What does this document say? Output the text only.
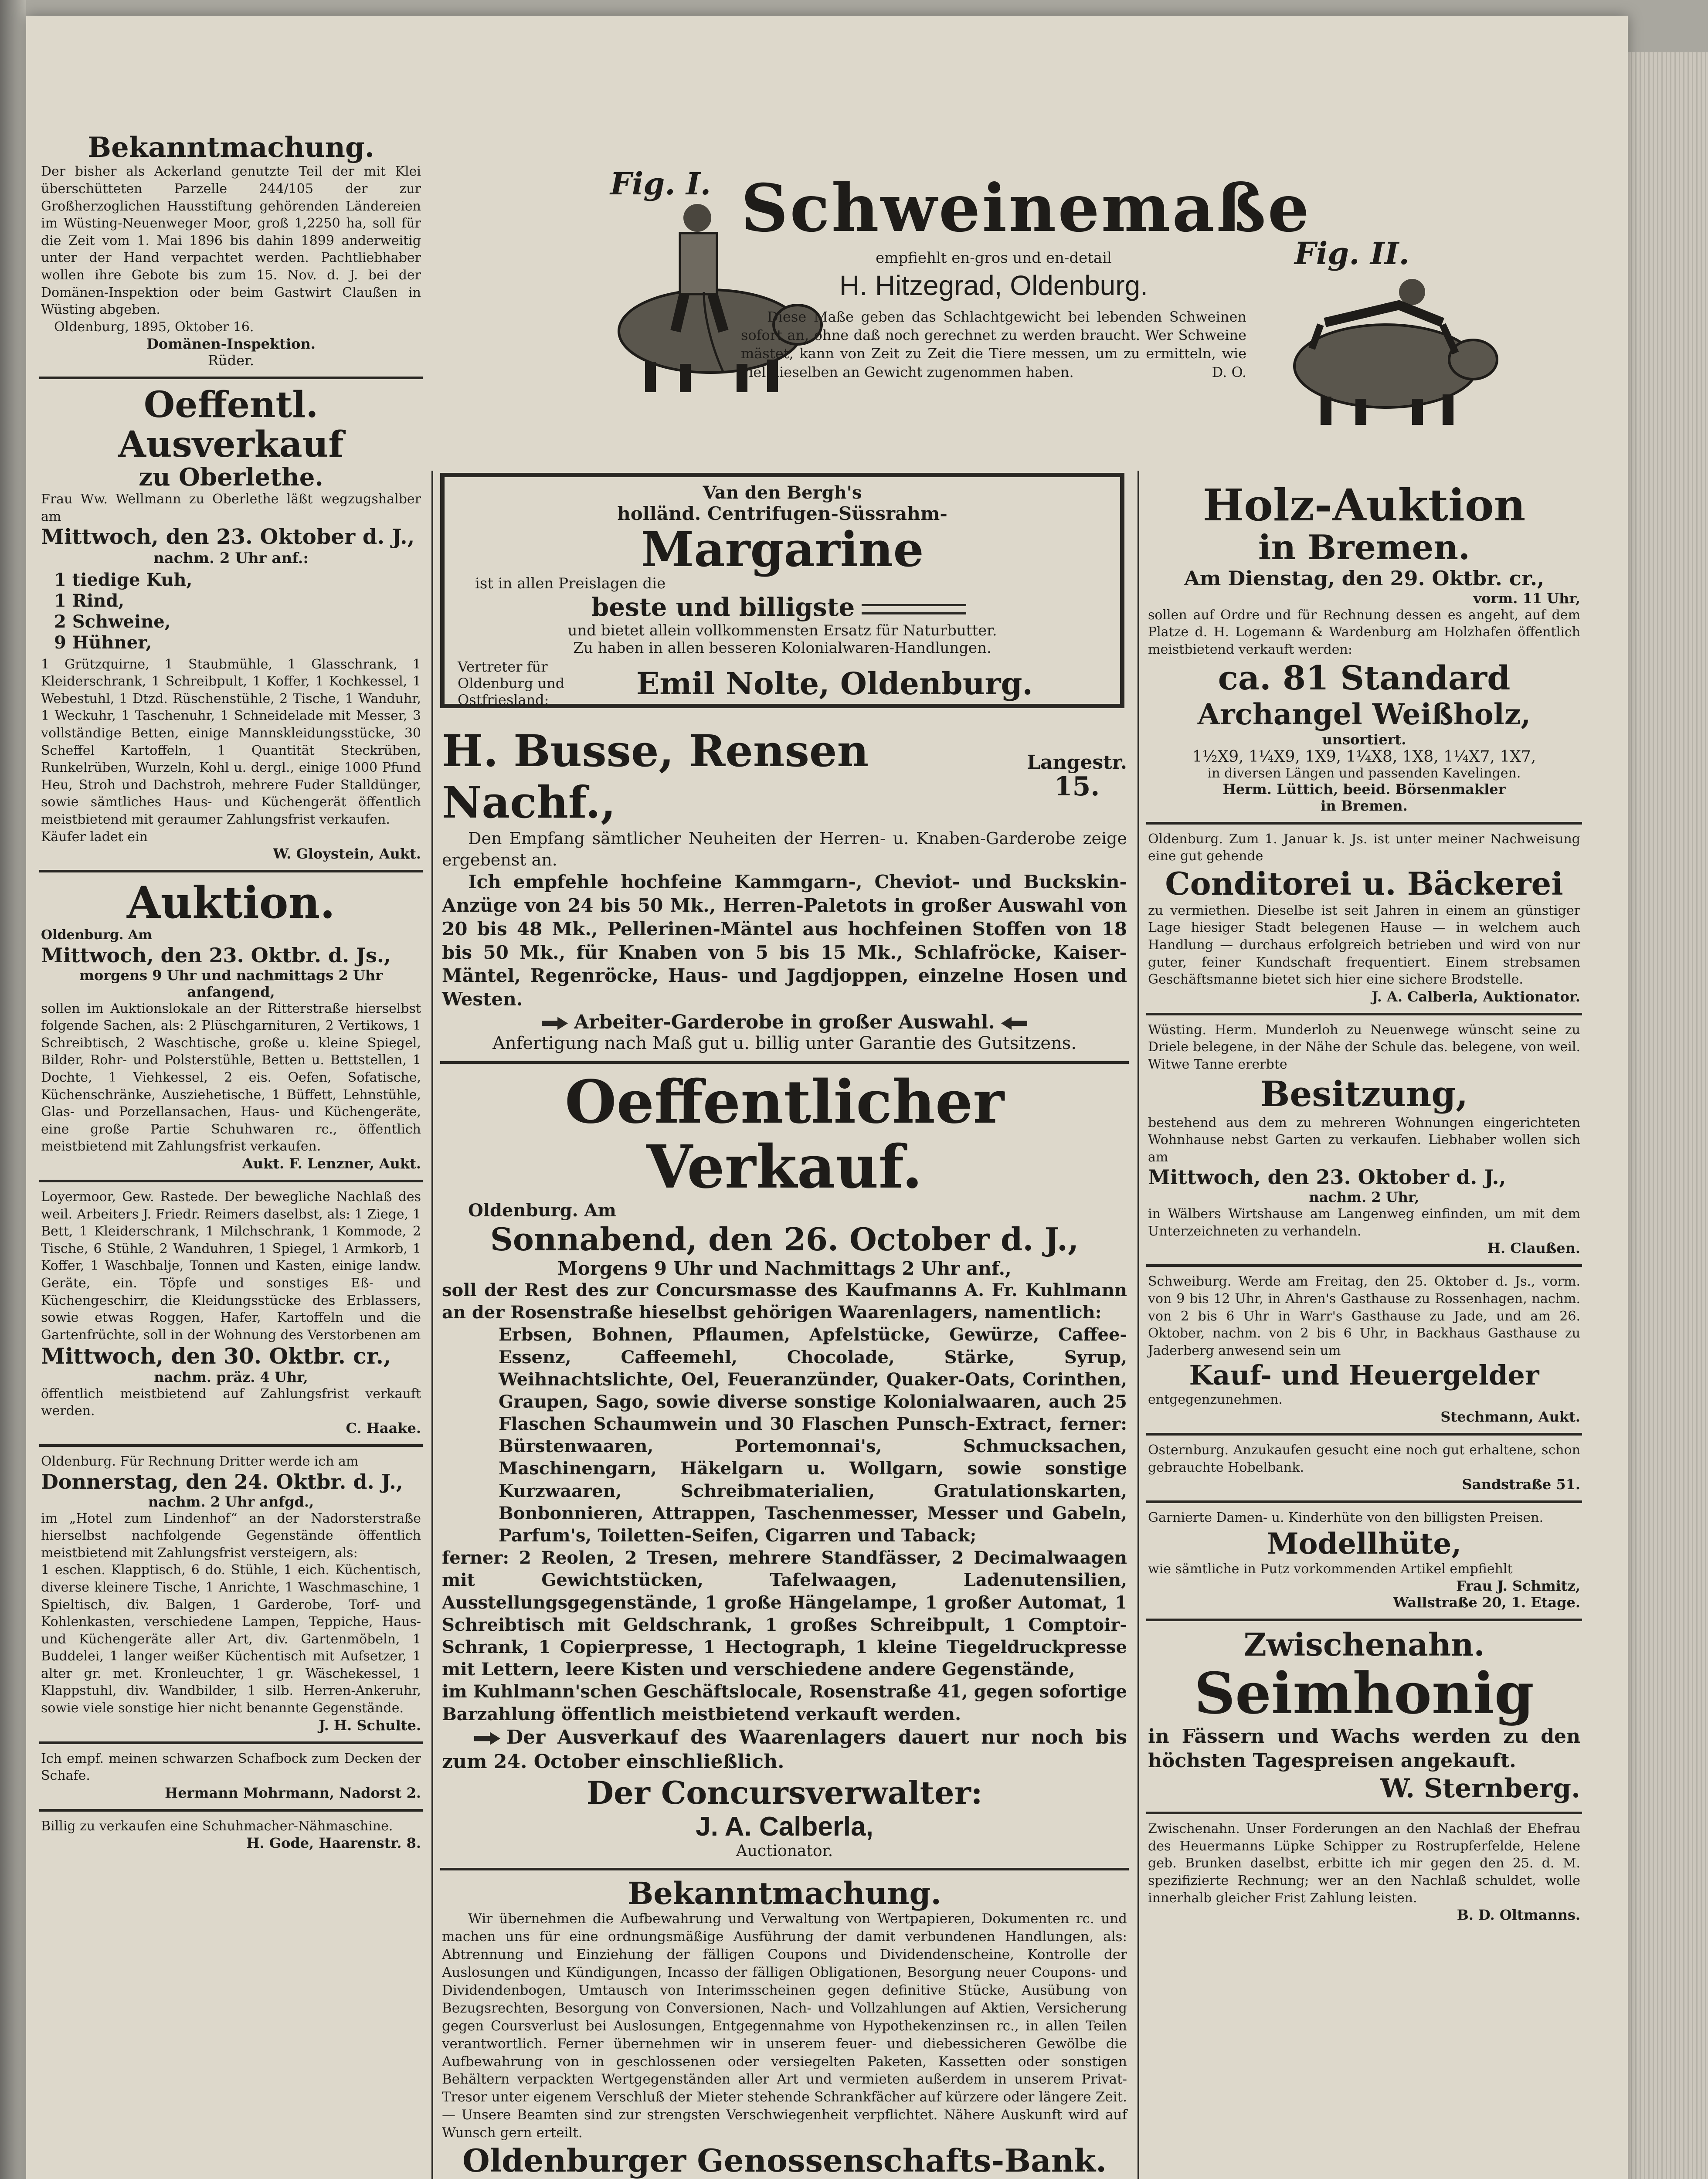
Fig. I.
Fig. II.
Schweinemaße
empfiehlt en-gros und en-detail
H. Hitzegrad, Oldenburg.

Diese Maße geben das Schlachtgewicht bei lebenden Schweinen sofort an, ohne daß noch gerechnet zu werden braucht. Wer Schweine mästet, kann von Zeit zu Zeit die Tiere messen, um zu ermitteln, wie viel dieselben an Gewicht zugenommen haben.	D. O.
Van den Bergh's
holländ. Centrifugen-Süssrahm-
Margarine
ist in allen Preislagen die
beste und billigste
und bietet allein vollkommensten Ersatz für Naturbutter.
Zu haben in allen besseren Kolonialwaren-Handlungen.
Vertreter für Oldenburg und Ostfriesland:	Emil Nolte, Oldenburg.
Bekanntmachung.

Der bisher als Ackerland genutzte Teil der mit Klei überschütteten Parzelle 244/105 der zur Großherzoglichen Hausstiftung gehörenden Ländereien im Wüsting-Neuenweger Moor, groß 1,2250 ha, soll für die Zeit vom 1. Mai 1896 bis dahin 1899 anderweitig unter der Hand verpachtet werden. Pachtliebhaber wollen ihre Gebote bis zum 15. Nov. d. J. bei der Domänen-Inspektion oder beim Gastwirt Claußen in Wüsting abgeben.

Oldenburg, 1895, Oktober 16.

Domänen-Inspektion.
Rüder.
Oeffentl. Ausverkauf
zu Oberlethe.

Frau Ww. Wellmann zu Oberlethe läßt wegzugshalber am

Mittwoch, den 23. Oktober d. J.,
nachm. 2 Uhr anf.:
1 tiedige Kuh,
1 Rind,
2 Schweine,
9 Hühner,

1 Grützquirne, 1 Staubmühle, 1 Glasschrank, 1 Kleiderschrank, 1 Schreibpult, 1 Koffer, 1 Kochkessel, 1 Webestuhl, 1 Dtzd. Rüschenstühle, 2 Tische, 1 Wanduhr, 1 Weckuhr, 1 Taschenuhr, 1 Schneidelade mit Messer, 3 vollständige Betten, einige Mannskleidungsstücke, 30 Scheffel Kartoffeln, 1 Quantität Steckrüben, Runkelrüben, Wurzeln, Kohl u. dergl., einige 1000 Pfund Heu, Stroh und Dachstroh, mehrere Fuder Stalldünger, sowie sämtliches Haus- und Küchengerät öffentlich meistbietend mit geraumer Zahlungsfrist verkaufen.

Käufer ladet ein

W. Gloystein, Aukt.
Auktion.

Oldenburg. Am

Mittwoch, den 23. Oktbr. d. Js.,
morgens 9 Uhr und nachmittags 2 Uhr anfangend,

sollen im Auktionslokale an der Ritterstraße hierselbst folgende Sachen, als: 2 Plüschgarnituren, 2 Vertikows, 1 Schreibtisch, 2 Waschtische, große u. kleine Spiegel, Bilder, Rohr- und Polsterstühle, Betten u. Bettstellen, 1 Dochte, 1 Viehkessel, 2 eis. Oefen, Sofatische, Küchenschränke, Ausziehetische, 1 Büffett, Lehnstühle, Glas- und Porzellansachen, Haus- und Küchengeräte, eine große Partie Schuhwaren rc., öffentlich meistbietend mit Zahlungsfrist verkaufen.

Aukt. F. Lenzner, Aukt.

Loyermoor, Gew. Rastede. Der bewegliche Nachlaß des weil. Arbeiters J. Friedr. Reimers daselbst, als: 1 Ziege, 1 Bett, 1 Kleiderschrank, 1 Milchschrank, 1 Kommode, 2 Tische, 6 Stühle, 2 Wanduhren, 1 Spiegel, 1 Armkorb, 1 Koffer, 1 Waschbalje, Tonnen und Kasten, einige landw. Geräte, ein. Töpfe und sonstiges Eß- und Küchengeschirr, die Kleidungsstücke des Erblassers, sowie etwas Roggen, Hafer, Kartoffeln und die Gartenfrüchte, soll in der Wohnung des Verstorbenen am

Mittwoch, den 30. Oktbr. cr.,
nachm. präz. 4 Uhr,

öffentlich meistbietend auf Zahlungsfrist verkauft werden.

C. Haake.

Oldenburg. Für Rechnung Dritter werde ich am

Donnerstag, den 24. Oktbr. d. J.,
nachm. 2 Uhr anfgd.,

im „Hotel zum Lindenhof“ an der Nadorsterstraße hierselbst nachfolgende Gegenstände öffentlich meistbietend mit Zahlungsfrist versteigern, als:

1 eschen. Klapptisch, 6 do. Stühle, 1 eich. Küchentisch, diverse kleinere Tische, 1 Anrichte, 1 Waschmaschine, 1 Spieltisch, div. Balgen, 1 Garderobe, Torf- und Kohlenkasten, verschiedene Lampen, Teppiche, Haus- und Küchengeräte aller Art, div. Gartenmöbeln, 1 Buddelei, 1 langer weißer Küchentisch mit Aufsetzer, 1 alter gr. met. Kronleuchter, 1 gr. Wäschekessel, 1 Klappstuhl, div. Wandbilder, 1 silb. Herren-Ankeruhr, sowie viele sonstige hier nicht benannte Gegenstände.

J. H. Schulte.

Ich empf. meinen schwarzen Schafbock zum Decken der Schafe.

Hermann Mohrmann, Nadorst 2.

Billig zu verkaufen eine Schuhmacher-Nähmaschine.

H. Gode, Haarenstr. 8.
H. Busse, Rensen Nachf.,
Langestr.
15.

Den Empfang sämtlicher Neuheiten der Herren- u. Knaben-Garderobe zeige ergebenst an.

Ich empfehle hochfeine Kammgarn-, Cheviot- und Buckskin-Anzüge von 24 bis 50 Mk., Herren-Paletots in großer Auswahl von 20 bis 48 Mk., Pellerinen-Mäntel aus hochfeinen Stoffen von 18 bis 50 Mk., für Knaben von 5 bis 15 Mk., Schlafröcke, Kaiser-Mäntel, Regenröcke, Haus- und Jagdjoppen, einzelne Hosen und Westen.

Arbeiter-Garderobe in großer Auswahl.
Anfertigung nach Maß gut u. billig unter Garantie des Gutsitzens.
Oeffentlicher Verkauf.
Oldenburg. Am
Sonnabend, den 26. October d. J.,
Morgens 9 Uhr und Nachmittags 2 Uhr anf.,

soll der Rest des zur Concursmasse des Kaufmanns A. Fr. Kuhlmann an der Rosenstraße hieselbst gehörigen Waarenlagers, namentlich:

Erbsen, Bohnen, Pflaumen, Apfelstücke, Gewürze, Caffee-Essenz, Caffeemehl, Chocolade, Stärke, Syrup, Weihnachtslichte, Oel, Feueranzünder, Quaker-Oats, Corinthen, Graupen, Sago, sowie diverse sonstige Kolonialwaaren, auch 25 Flaschen Schaumwein und 30 Flaschen Punsch-Extract, ferner: Bürstenwaaren, Portemonnai's, Schmucksachen, Maschinengarn, Häkelgarn u. Wollgarn, sowie sonstige Kurzwaaren, Schreibmaterialien, Gratulationskarten, Bonbonnieren, Attrappen, Taschenmesser, Messer und Gabeln, Parfum's, Toiletten-Seifen, Cigarren und Taback;

ferner: 2 Reolen, 2 Tresen, mehrere Standfässer, 2 Decimalwaagen mit Gewichtstücken, Tafelwaagen, Ladenutensilien, Ausstellungsgegenstände, 1 große Hängelampe, 1 großer Automat, 1 Schreibtisch mit Geldschrank, 1 großes Schreibpult, 1 Comptoir-Schrank, 1 Copierpresse, 1 Hectograph, 1 kleine Tiegeldruckpresse mit Lettern, leere Kisten und verschiedene andere Gegenstände,

im Kuhlmann'schen Geschäftslocale, Rosenstraße 41, gegen sofortige Barzahlung öffentlich meistbietend verkauft werden.

Der Ausverkauf des Waarenlagers dauert nur noch bis zum 24. October einschließlich.

Der Concursverwalter:
J. A. Calberla,
Auctionator.
Bekanntmachung.

Wir übernehmen die Aufbewahrung und Verwaltung von Wertpapieren, Dokumenten rc. und machen uns für eine ordnungsmäßige Ausführung der damit verbundenen Handlungen, als: Abtrennung und Einziehung der fälligen Coupons und Dividendenscheine, Kontrolle der Auslosungen und Kündigungen, Incasso der fälligen Obligationen, Besorgung neuer Coupons- und Dividendenbogen, Umtausch von Interimsscheinen gegen definitive Stücke, Ausübung von Bezugsrechten, Besorgung von Conversionen, Nach- und Vollzahlungen auf Aktien, Versicherung gegen Coursverlust bei Auslosungen, Entgegennahme von Hypothekenzinsen rc., in allen Teilen verantwortlich. Ferner übernehmen wir in unserem feuer- und diebessicheren Gewölbe die Aufbewahrung von in geschlossenen oder versiegelten Paketen, Kassetten oder sonstigen Behältern verpackten Wertgegenständen aller Art und vermieten außerdem in unserem Privat-Tresor unter eigenem Verschluß der Mieter stehende Schrankfächer auf kürzere oder längere Zeit. — Unsere Beamten sind zur strengsten Verschwiegenheit verpflichtet. Nähere Auskunft wird auf Wunsch gern erteilt.

Oldenburger Genossenschafts-Bank.
Holz-Auktion
in Bremen.
Am Dienstag, den 29. Oktbr. cr.,
vorm. 11 Uhr,

sollen auf Ordre und für Rechnung dessen es angeht, auf dem Platze d. H. Logemann & Wardenburg am Holzhafen öffentlich meistbietend verkauft werden:

ca. 81 Standard
Archangel Weißholz,
unsortiert.
1½X9, 1¼X9, 1X9, 1¼X8, 1X8, 1¼X7, 1X7,
in diversen Längen und passenden Kavelingen.
Herm. Lüttich, beeid. Börsenmakler
in Bremen.

Oldenburg. Zum 1. Januar k. Js. ist unter meiner Nachweisung eine gut gehende

Conditorei u. Bäckerei

zu vermiethen. Dieselbe ist seit Jahren in einem an günstiger Lage hiesiger Stadt belegenen Hause — in welchem auch Handlung — durchaus erfolgreich betrieben und wird von nur guter, feiner Kundschaft frequentiert. Einem strebsamen Geschäftsmanne bietet sich hier eine sichere Brodstelle.

J. A. Calberla, Auktionator.

Wüsting. Herm. Munderloh zu Neuenwege wünscht seine zu Driele belegene, in der Nähe der Schule das. belegene, von weil. Witwe Tanne ererbte

Besitzung,

bestehend aus dem zu mehreren Wohnungen eingerichteten Wohnhause nebst Garten zu verkaufen. Liebhaber wollen sich am

Mittwoch, den 23. Oktober d. J.,
nachm. 2 Uhr,

in Wälbers Wirtshause am Langenweg einfinden, um mit dem Unterzeichneten zu verhandeln.

H. Claußen.

Schweiburg. Werde am Freitag, den 25. Oktober d. Js., vorm. von 9 bis 12 Uhr, in Ahren's Gasthause zu Rossenhagen, nachm. von 2 bis 6 Uhr in Warr's Gasthause zu Jade, und am 26. Oktober, nachm. von 2 bis 6 Uhr, in Backhaus Gasthause zu Jaderberg anwesend sein um

Kauf- und Heuergelder

entgegenzunehmen.

Stechmann, Aukt.

Osternburg. Anzukaufen gesucht eine noch gut erhaltene, schon gebrauchte Hobelbank.

Sandstraße 51.

Garnierte Damen- u. Kinderhüte von den billigsten Preisen.

Modellhüte,

wie sämtliche in Putz vorkommenden Artikel empfiehlt

Frau J. Schmitz,
Wallstraße 20, 1. Etage.
Zwischenahn.
Seimhonig

in Fässern und Wachs werden zu den höchsten Tagespreisen angekauft.

W. Sternberg.

Zwischenahn. Unser Forderungen an den Nachlaß der Ehefrau des Heuermanns Lüpke Schipper zu Rostrupferfelde, Helene geb. Brunken daselbst, erbitte ich mir gegen den 25. d. M. spezifizierte Rechnung; wer an den Nachlaß schuldet, wolle innerhalb gleicher Frist Zahlung leisten.

B. D. Oltmanns.
